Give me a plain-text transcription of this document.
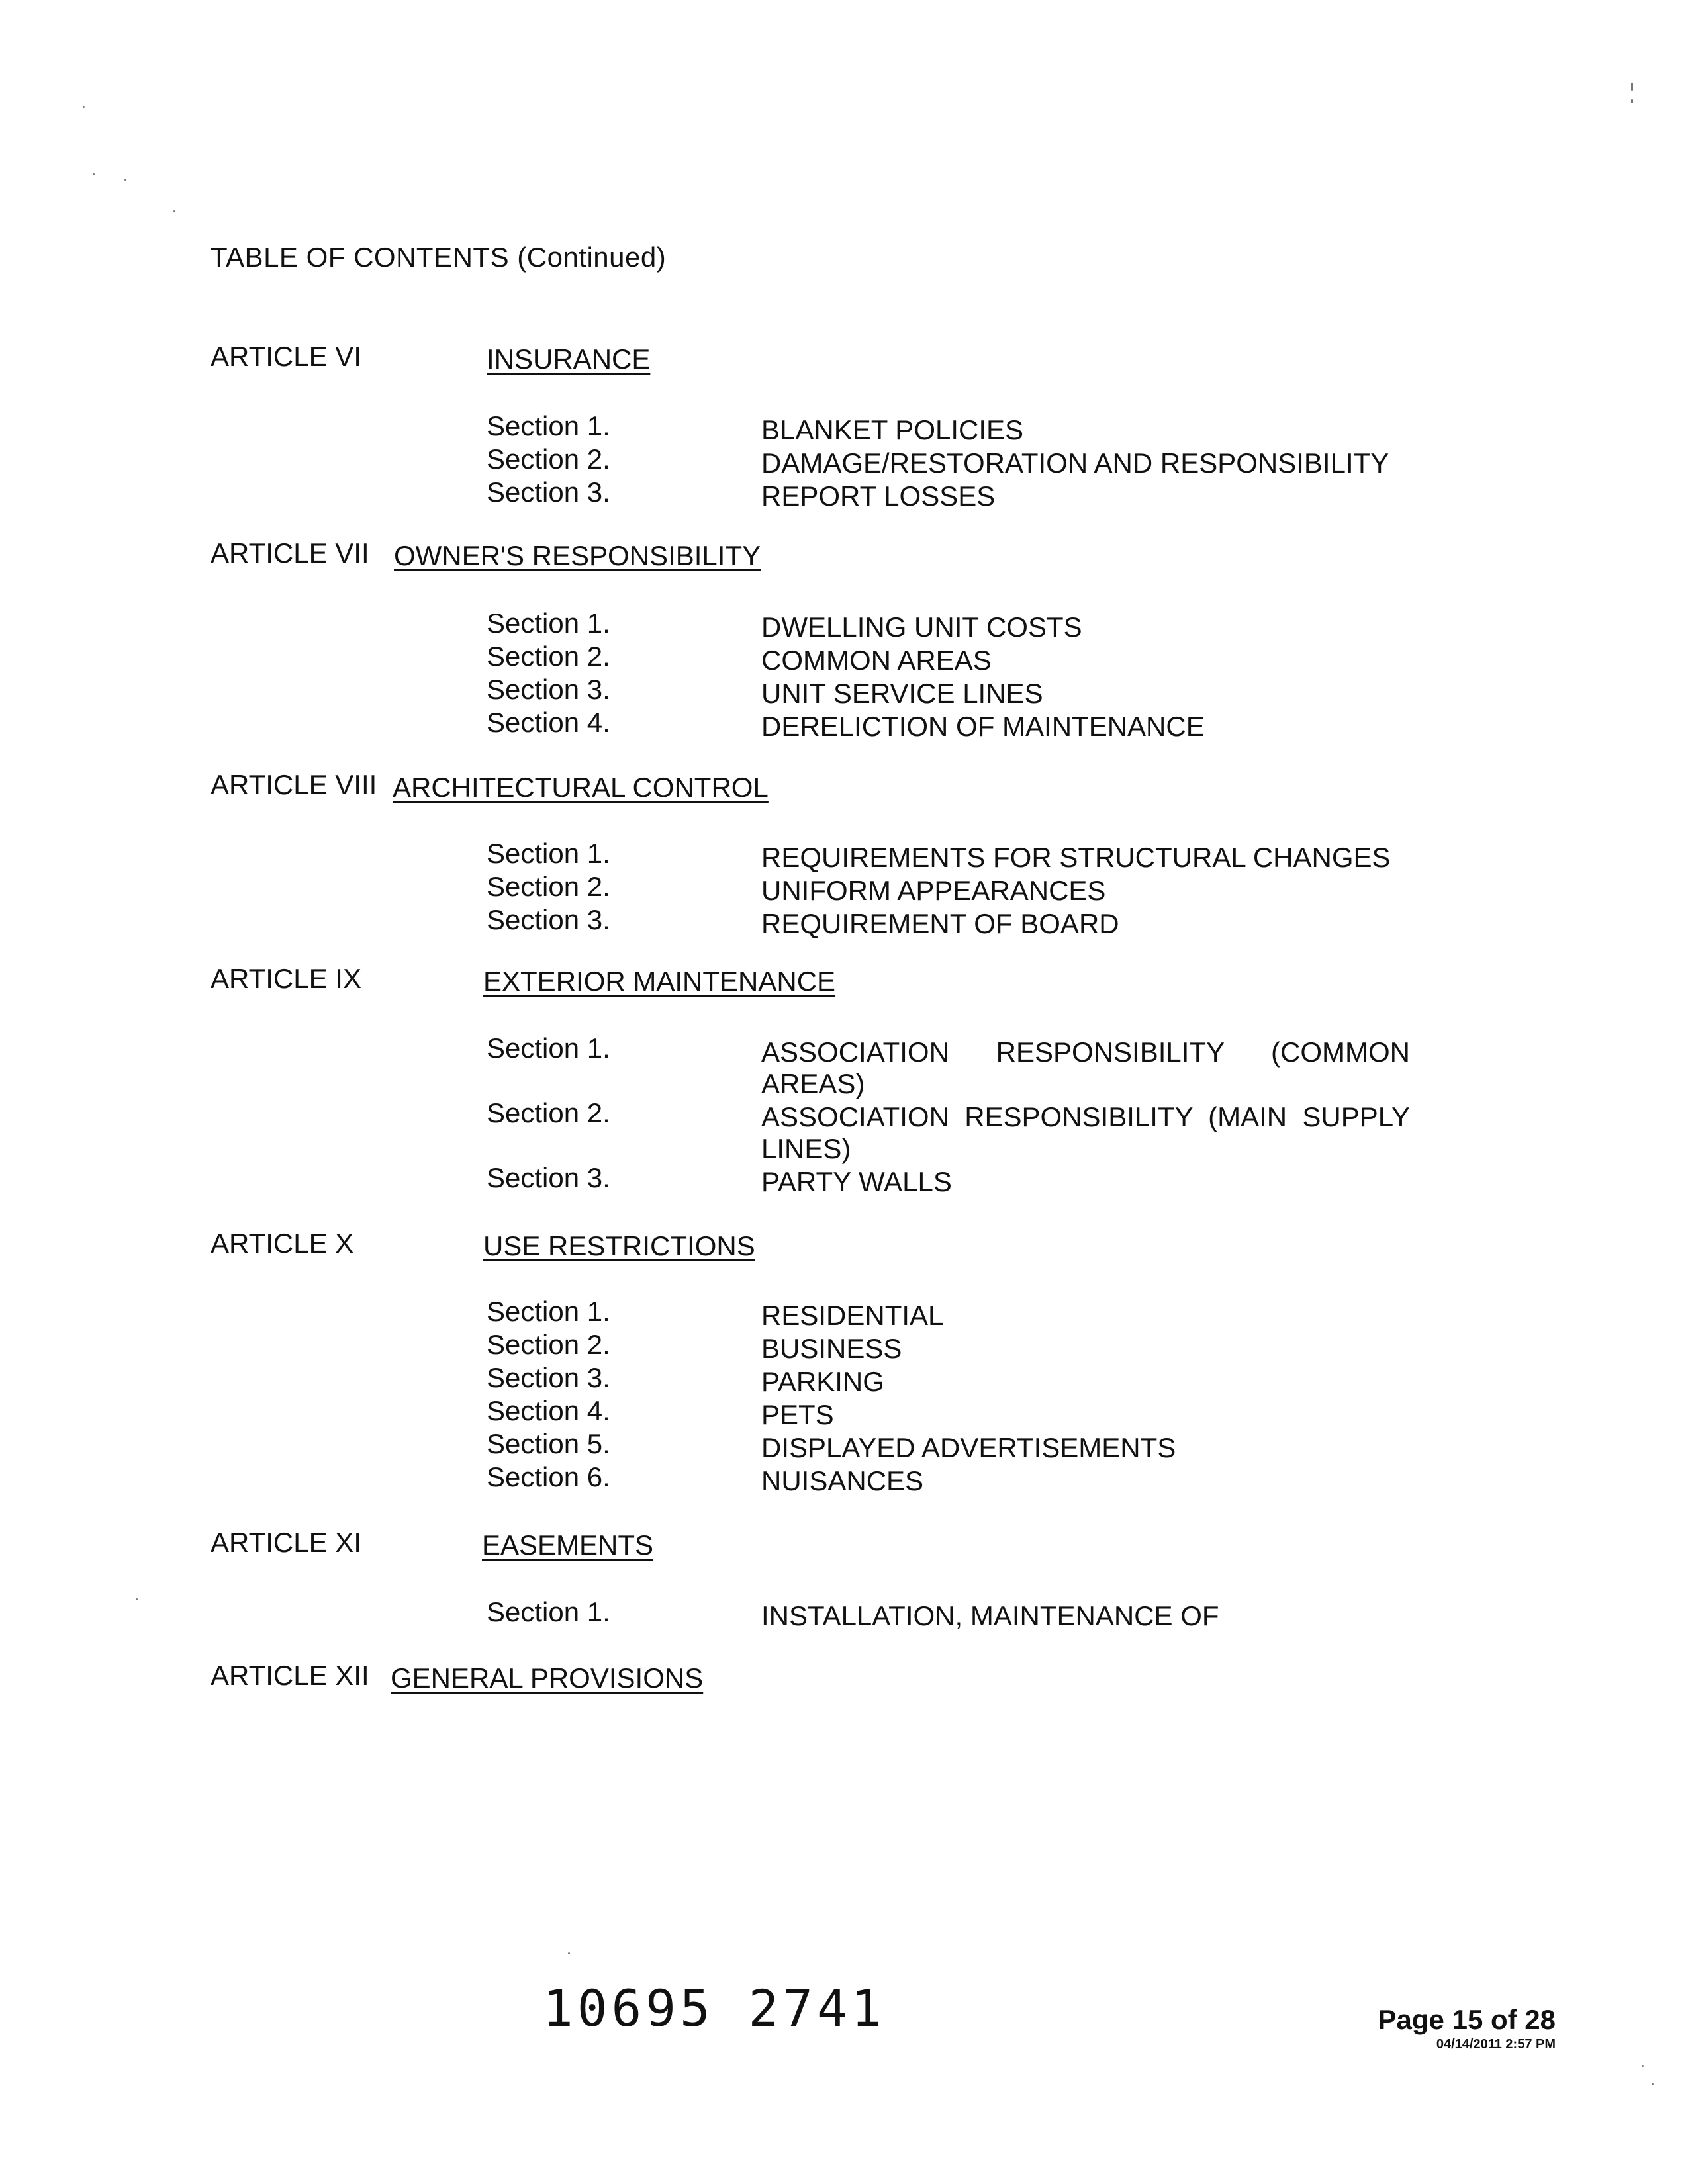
TABLE OF CONTENTS (Continued)
ARTICLE VI	INSURANCE
Section 1.	BLANKET POLICIES
Section 2.	DAMAGE/RESTORATION AND RESPONSIBILITY
Section 3.	REPORT LOSSES
ARTICLE VII OWNER'S RESPONSIBILITY
Section 1.	DWELLING UNIT COSTS
Section 2.	COMMON AREAS
Section 3.	UNIT SERVICE LINES
Section 4.	DERELICTION OF MAINTENANCE
ARTICLE VIII ARCHITECTURAL CONTROL
Section 1.	REQUIREMENTS FOR STRUCTURAL CHANGES
Section 2.	UNIFORM APPEARANCES
Section 3.	REQUIREMENT OF BOARD
ARTICLE IX	EXTERIOR MAINTENANCE
Section 1.	ASSOCIATION RESPONSIBILITY (COMMON AREAS)
Section 2.	ASSOCIATION RESPONSIBILITY (MAIN SUPPLY LINES)
Section 3.	PARTY WALLS
ARTICLE X	USE RESTRICTIONS
Section 1.	RESIDENTIAL
Section 2.	BUSINESS
Section 3.	PARKING
Section 4.	PETS
Section 5.	DISPLAYED ADVERTISEMENTS
Section 6.	NUISANCES
ARTICLE XI	EASEMENTS
Section 1.	INSTALLATION, MAINTENANCE OF
ARTICLE XII GENERAL PROVISIONS
10695 2741	Page 15 of 28
04/14/2011 2:57 PM
